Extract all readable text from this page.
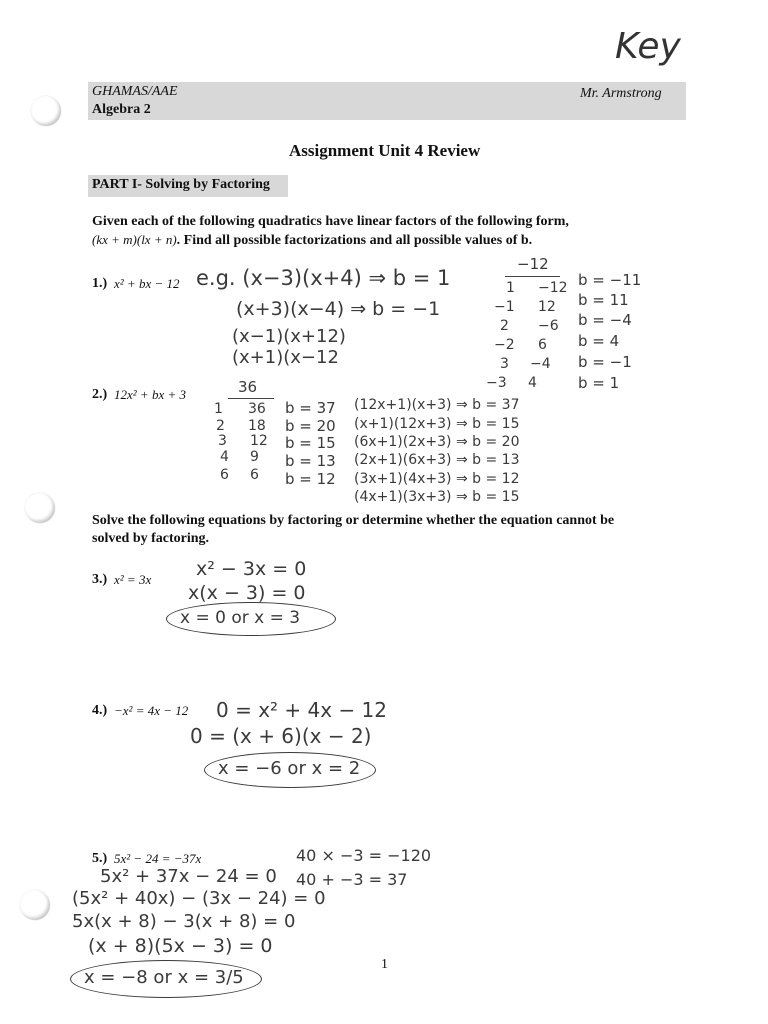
Key
GHAMAS/AAE
Algebra 2
Mr. Armstrong
Assignment Unit 4 Review
PART I- Solving by Factoring
Given each of the following quadratics have linear factors of the following form,
(kx + m)(lx + n). Find all possible factorizations and all possible values of b.
1.) x² + bx − 12 e.g. (x−3)(x+4) ⇒ b = 1
(x+3)(x−4) ⇒ b = −1
(x−1)(x+12)
(x+1)(x−12
−12
1 −12
−1 12
2 −6
−2 6
3 −4
−3 4
b = −11
b = 11
b = −4
b = 4
b = −1
b = 1
2.) 12x² + bx + 3	36
1 36
2 18
3 12
4 9
6 6
b = 37
b = 20
b = 15
b = 13
b = 12
(12x+1)(x+3) ⇒ b = 37
(x+1)(12x+3) ⇒ b = 15
(6x+1)(2x+3) ⇒ b = 20
(2x+1)(6x+3) ⇒ b = 13
(3x+1)(4x+3) ⇒ b = 12
(4x+1)(3x+3) ⇒ b = 15
Solve the following equations by factoring or determine whether the equation cannot be
solved by factoring.
3.) x² = 3x x² − 3x = 0
x(x − 3) = 0
x = 0 or x = 3
4.) −x² = 4x − 12 0 = x² + 4x − 12
0 = (x + 6)(x − 2)
x = −6 or x = 2
5.) 5x² − 24 = −37x	40 × −3 = −120
40 + −3 = 37
5x² + 37x − 24 = 0
(5x² + 40x) − (3x − 24) = 0
5x(x + 8) − 3(x + 8) = 0
(x + 8)(5x − 3) = 0
x = −8 or x = 3/5
1
